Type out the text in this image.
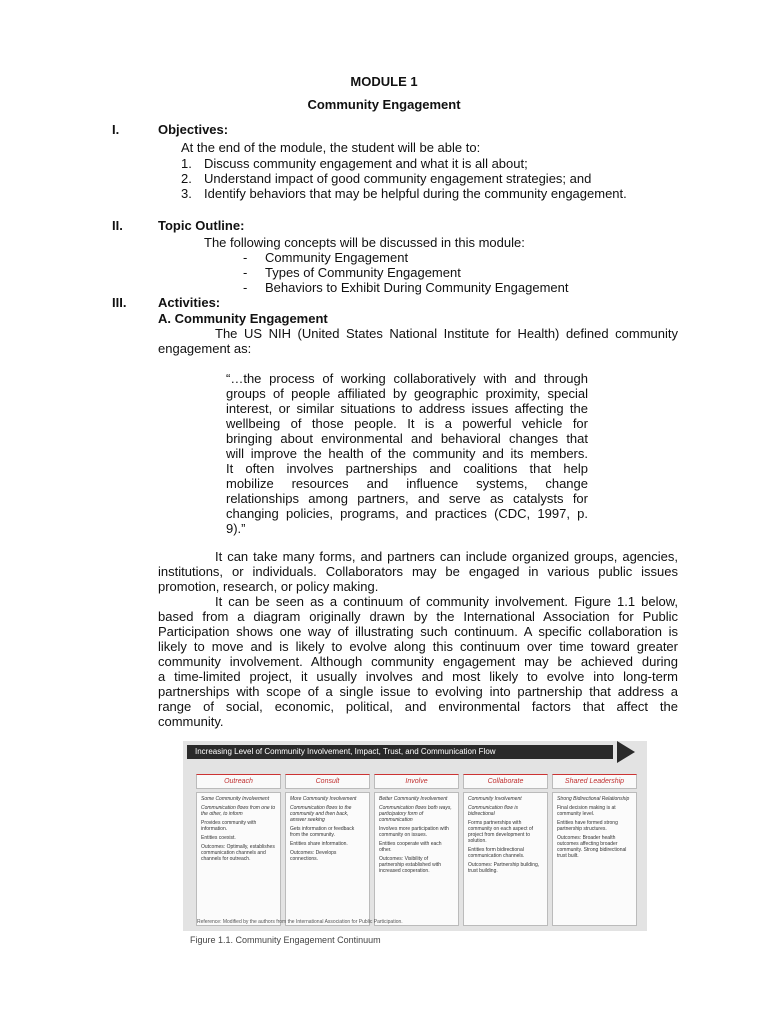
MODULE 1
Community Engagement
I.	Objectives:
At the end of the module, the student will be able to:
1. Discuss community engagement and what it is all about;
2. Understand impact of good community engagement strategies; and
3. Identify behaviors that may be helpful during the community engagement.
II.	Topic Outline:
The following concepts will be discussed in this module:
- Community Engagement
- Types of Community Engagement
- Behaviors to Exhibit During Community Engagement
III. Activities:
A. Community Engagement
The US NIH (United States National Institute for Health) defined community
engagement as:
“…the process of working collaboratively with and through
groups of people affiliated by geographic proximity, special
interest, or similar situations to address issues affecting the
wellbeing of those people. It is a powerful vehicle for
bringing about environmental and behavioral changes that
will improve the health of the community and its members.
It often involves partnerships and coalitions that help
mobilize resources and influence systems, change
relationships among partners, and serve as catalysts for
changing policies, programs, and practices (CDC, 1997, p.
9).”
It can take many forms, and partners can include organized groups, agencies,
institutions, or individuals. Collaborators may be engaged in various public issues
promotion, research, or policy making.
It can be seen as a continuum of community involvement. Figure 1.1 below,
based from a diagram originally drawn by the International Association for Public
Participation shows one way of illustrating such continuum. A specific collaboration is
likely to move and is likely to evolve along this continuum over time toward greater
community involvement. Although community engagement may be achieved during
a time-limited project, it usually involves and most likely to evolve into long-term
partnerships with scope of a single issue to evolving into partnership that address a
range of social, economic, political, and environmental factors that affect the
community.
Increasing Level of Community Involvement, Impact, Trust, and Communication Flow
Outreach
Some Community Involvement
Communication flows from one to the other, to inform

Provides community with information.

Entities coexist.

Outcomes: Optimally, establishes communication channels and channels for outreach.

Consult
More Community Involvement
Communication flows to the community and then back, answer seeking

Gets information or feedback from the community.

Entities share information.

Outcomes: Develops connections.

Involve
Better Community Involvement
Communication flows both ways, participatory form of communication

Involves more participation with community on issues.

Entities cooperate with each other.

Outcomes: Visibility of partnership established with increased cooperation.

Collaborate
Community Involvement
Communication flow is bidirectional

Forms partnerships with community on each aspect of project from development to solution.

Entities form bidirectional communication channels.

Outcomes: Partnership building, trust building.

Shared Leadership
Strong Bidirectional Relationship

Final decision making is at community level.

Entities have formed strong partnership structures.

Outcomes: Broader health outcomes affecting broader community. Strong bidirectional trust built.

Reference: Modified by the authors from the International Association for Public Participation.
Figure 1.1. Community Engagement Continuum
